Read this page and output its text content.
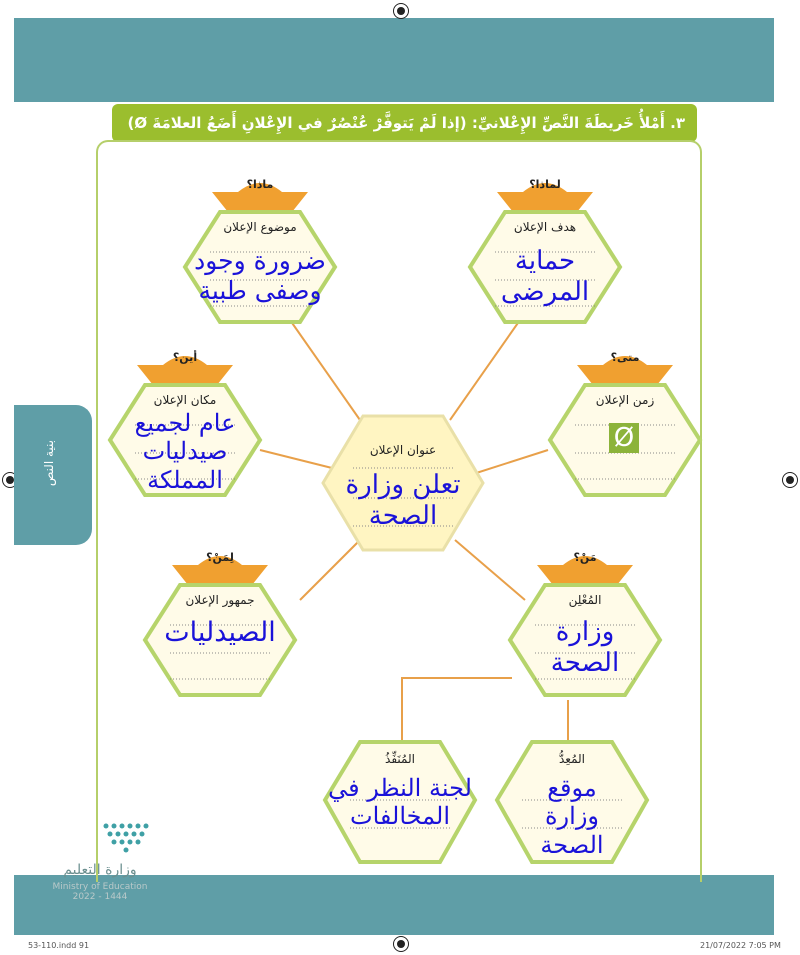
٣. أَمْلأُ خَريطَةَ النَّصِّ الإِعْلانيِّ: (إذا لَمْ يَتوفَّرْ عُنْصُرٌ في الإِعْلانِ أَضَعُ العلامَةَ Ø)
بنية النص
ماذا؟
موضوع الإعلان
ضرورة وجود وصفى طبية
لماذا؟
هدف الإعلان
حماية المرضى
أين؟
مكان الإعلان
عام لجميع صيدليات المملكة
متى؟
زمن الإعلان
Ø
عنوان الإعلان
تعلن وزارة الصحة
لِمَنْ؟
جمهور الإعلان
الصيدليات
مَنْ؟
المُعْلِن
وزارة الصحة
المُنَفِّذُ
لجنة النظر في المخالفات
المُعِدُّ
موقع وزارة الصحة
وزارة التعليم
Ministry of Education 2022 - 1444
53-110.indd 91	21/07/2022 7:05 PM
